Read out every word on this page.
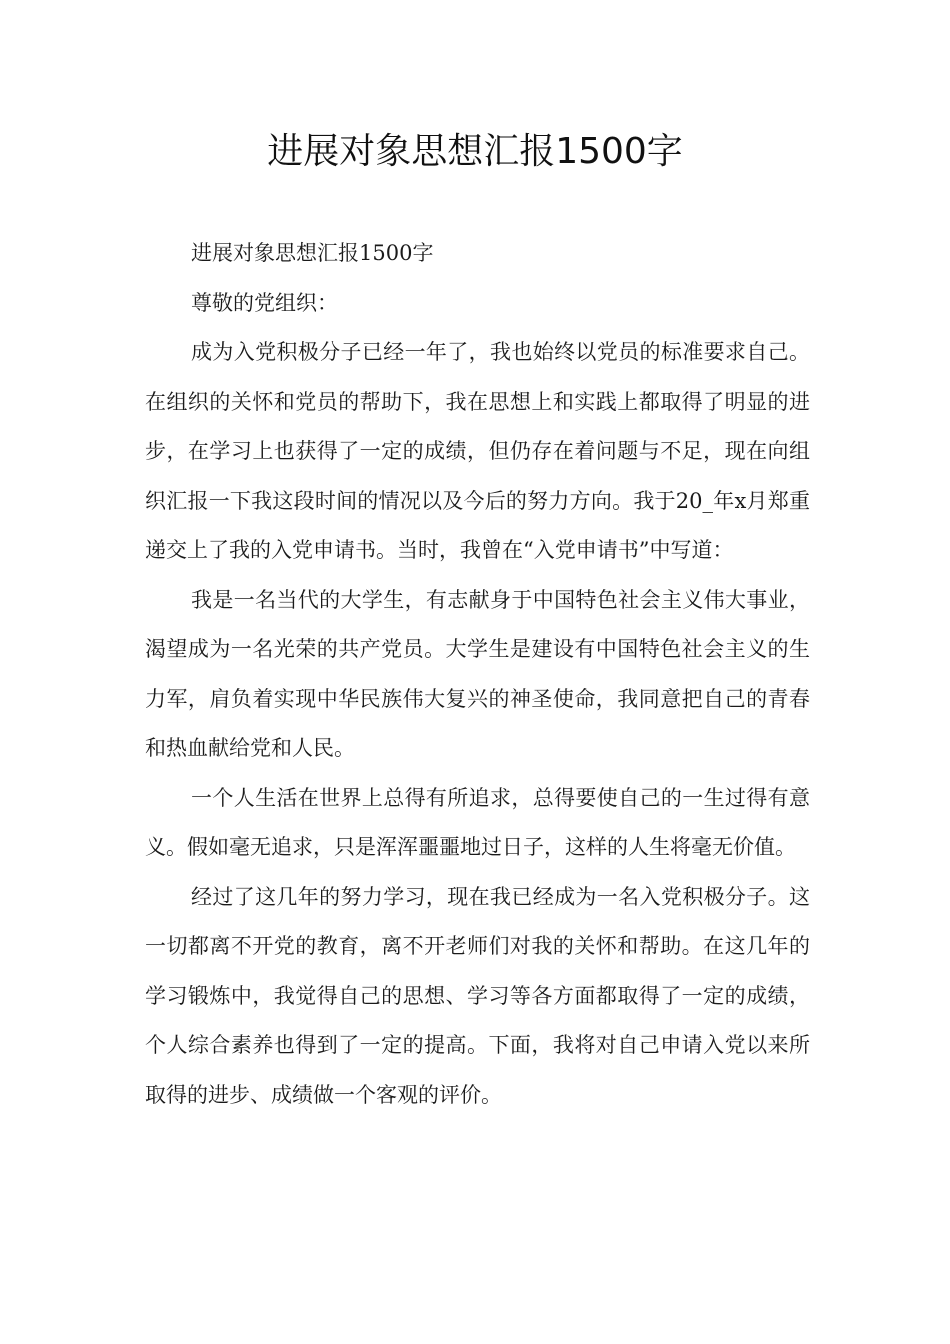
进展对象思想汇报1500字

进展对象思想汇报1500字

尊敬的党组织：

成为入党积极分子已经一年了，我也始终以党员的标准要求自己。在组织的关怀和党员的帮助下，我在思想上和实践上都取得了明显的进步，在学习上也获得了一定的成绩，但仍存在着问题与不足，现在向组织汇报一下我这段时间的情况以及今后的努力方向。我于20_年x月郑重递交上了我的入党申请书。当时，我曾在“入党申请书”中写道：

我是一名当代的大学生，有志献身于中国特色社会主义伟大事业，渴望成为一名光荣的共产党员。大学生是建设有中国特色社会主义的生力军，肩负着实现中华民族伟大复兴的神圣使命，我同意把自己的青春和热血献给党和人民。

一个人生活在世界上总得有所追求，总得要使自己的一生过得有意义。假如毫无追求，只是浑浑噩噩地过日子，这样的人生将毫无价值。

经过了这几年的努力学习，现在我已经成为一名入党积极分子。这一切都离不开党的教育，离不开老师们对我的关怀和帮助。在这几年的学习锻炼中，我觉得自己的思想、学习等各方面都取得了一定的成绩，个人综合素养也得到了一定的提高。下面，我将对自己申请入党以来所取得的进步、成绩做一个客观的评价。
